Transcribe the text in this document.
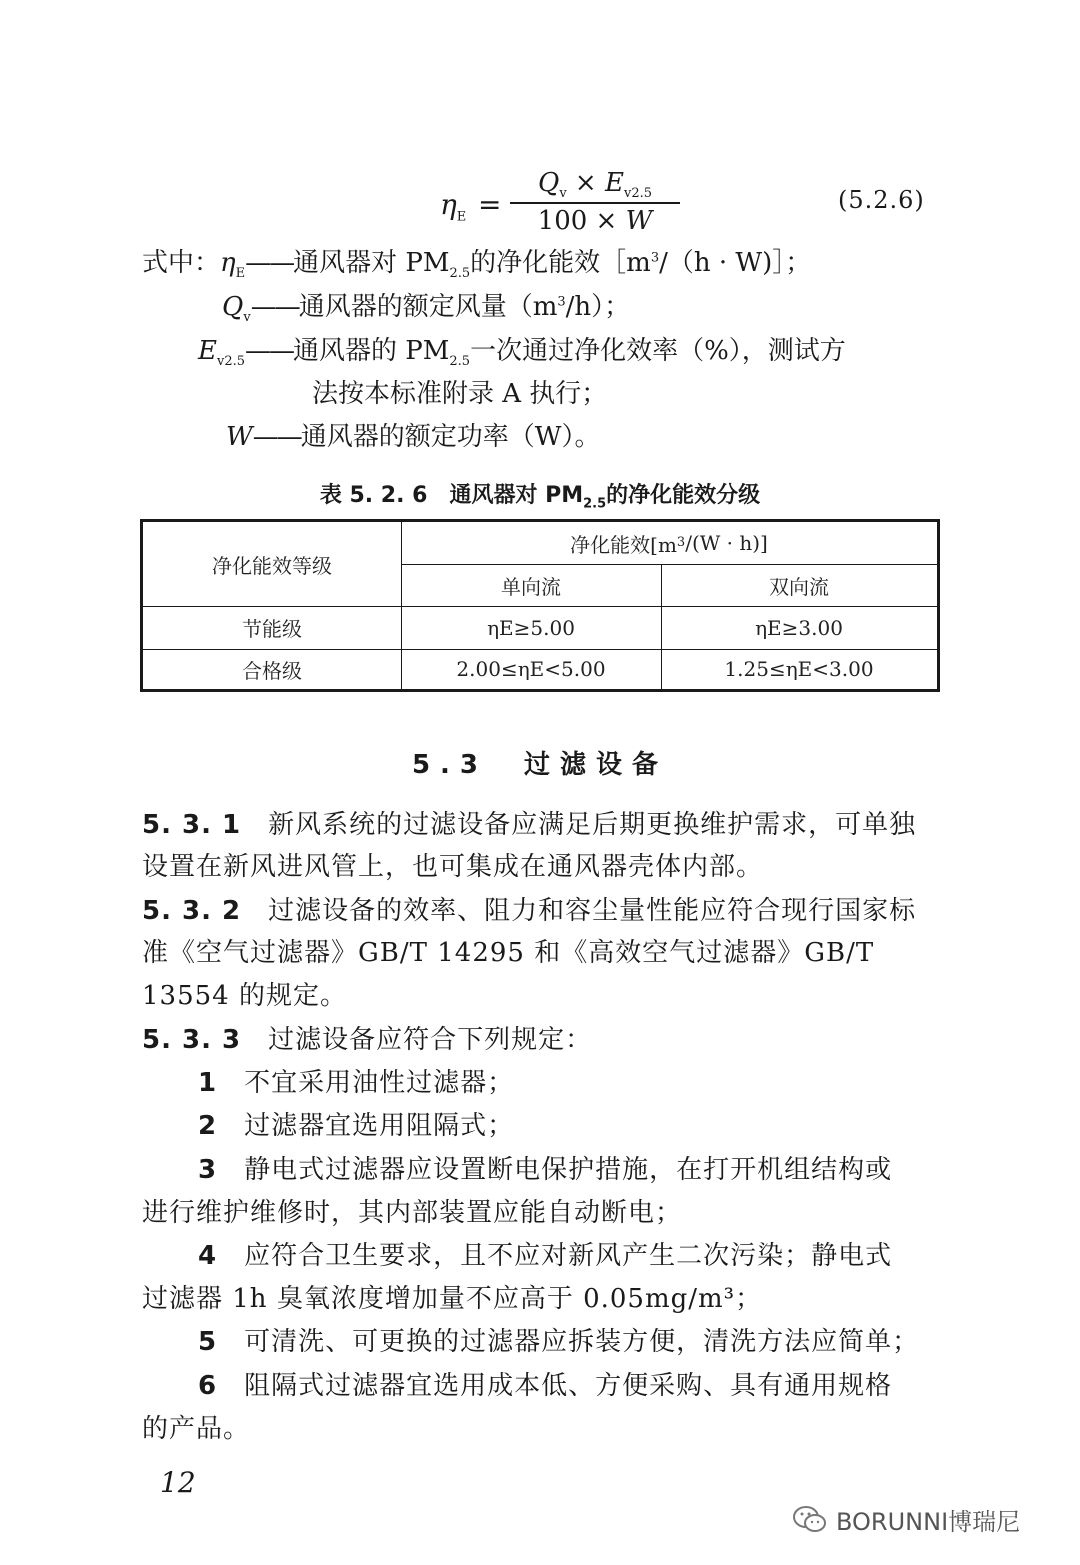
$\eta_E$ =
$Q_v \times E_{v2.5}$
100 × W
(5.2.6)
式中：$\eta_E——$通风器对 $PM_{2.5}$的净化能效$[m^3/(h$ · W)］；
$Q_v——$通风器的额定风量$(m^3/h)$；
$E_{v2.5}——$通风器的 $PM_{2.5}$一次通过净化效率（%），测试方
法按本标准附录 A 执行；
W——通风器的额定功率（W）。
表 5. 2. 6　通风器对 $PM_{2.5}$的净化能效分级
净化能效等级
净化能效[m 3 /(W · h)]
单向流	双向流
节能级	ηE≥5.00	ηE≥3.00
合格级	2.00≤ηE<5.00	1.25≤ηE<3.00
5.3　过滤设备
5. 3. 1　 新风系统的过滤设备应满足后期更换维护需求，可单独
设置在新风进风管上，也可集成在通风器壳体内部。
5. 3. 2　 过滤设备的效率、阻力和容尘量性能应符合现行国家标
准《空气过滤器》GB/T 14295 和《高效空气过滤器》GB/T
13554 的规定。
5. 3. 3　 过滤设备应符合下列规定：
1　 不宜采用油性过滤器；
2　 过滤器宜选用阻隔式；
3　 静电式过滤器应设置断电保护措施，在打开机组结构或
进行维护维修时，其内部装置应能自动断电；
4　 应符合卫生要求，且不应对新风产生二次污染；静电式
过滤器 1h 臭氧浓度增加量不应高于 0.05mg/m³；
5　 可清洗、可更换的过滤器应拆装方便，清洗方法应简单；
6　 阻隔式过滤器宜选用成本低、方便采购、具有通用规格
的产品。
12
BORUNNI博瑞尼
